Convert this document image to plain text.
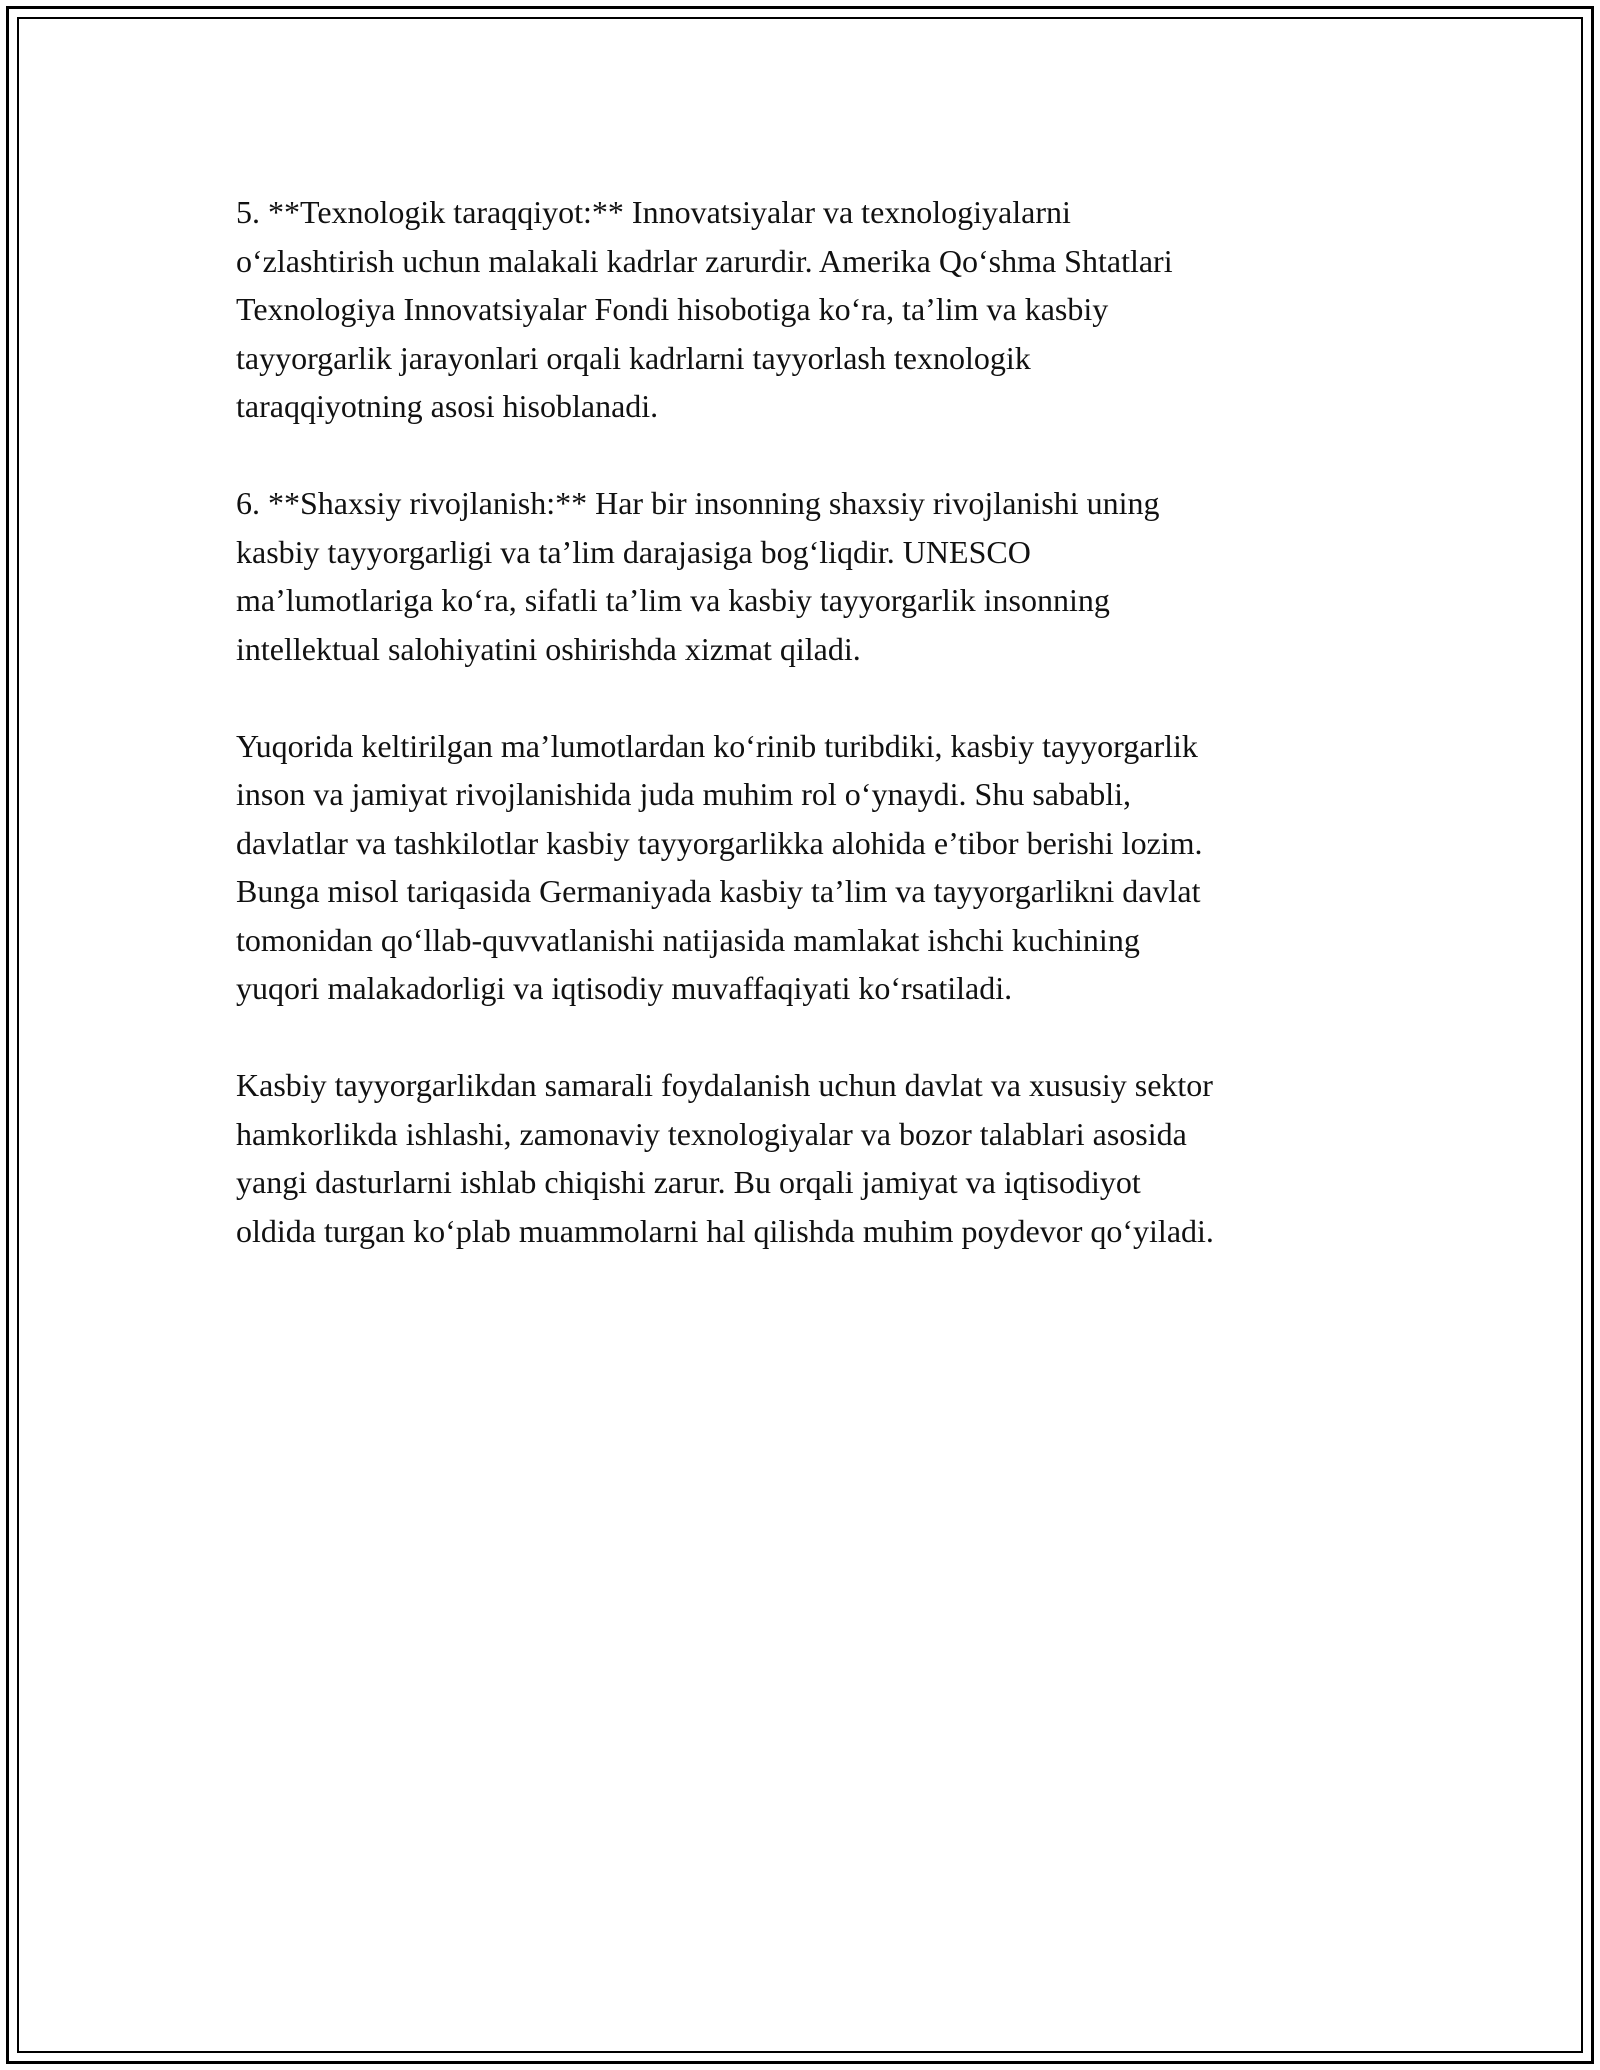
5. **Texnologik taraqqiyot:** Innovatsiyalar va texnologiyalarni
o‘zlashtirish uchun malakali kadrlar zarurdir. Amerika Qo‘shma Shtatlari
Texnologiya Innovatsiyalar Fondi hisobotiga ko‘ra, ta’lim va kasbiy
tayyorgarlik jarayonlari orqali kadrlarni tayyorlash texnologik
taraqqiyotning asosi hisoblanadi.

6. **Shaxsiy rivojlanish:** Har bir insonning shaxsiy rivojlanishi uning
kasbiy tayyorgarligi va ta’lim darajasiga bog‘liqdir. UNESCO
ma’lumotlariga ko‘ra, sifatli ta’lim va kasbiy tayyorgarlik insonning
intellektual salohiyatini oshirishda xizmat qiladi.

Yuqorida keltirilgan ma’lumotlardan ko‘rinib turibdiki, kasbiy tayyorgarlik
inson va jamiyat rivojlanishida juda muhim rol o‘ynaydi. Shu sababli,
davlatlar va tashkilotlar kasbiy tayyorgarlikka alohida e’tibor berishi lozim.
Bunga misol tariqasida Germaniyada kasbiy ta’lim va tayyorgarlikni davlat
tomonidan qo‘llab-quvvatlanishi natijasida mamlakat ishchi kuchining
yuqori malakadorligi va iqtisodiy muvaffaqiyati ko‘rsatiladi.

Kasbiy tayyorgarlikdan samarali foydalanish uchun davlat va xususiy sektor
hamkorlikda ishlashi, zamonaviy texnologiyalar va bozor talablari asosida
yangi dasturlarni ishlab chiqishi zarur. Bu orqali jamiyat va iqtisodiyot
oldida turgan ko‘plab muammolarni hal qilishda muhim poydevor qo‘yiladi.
